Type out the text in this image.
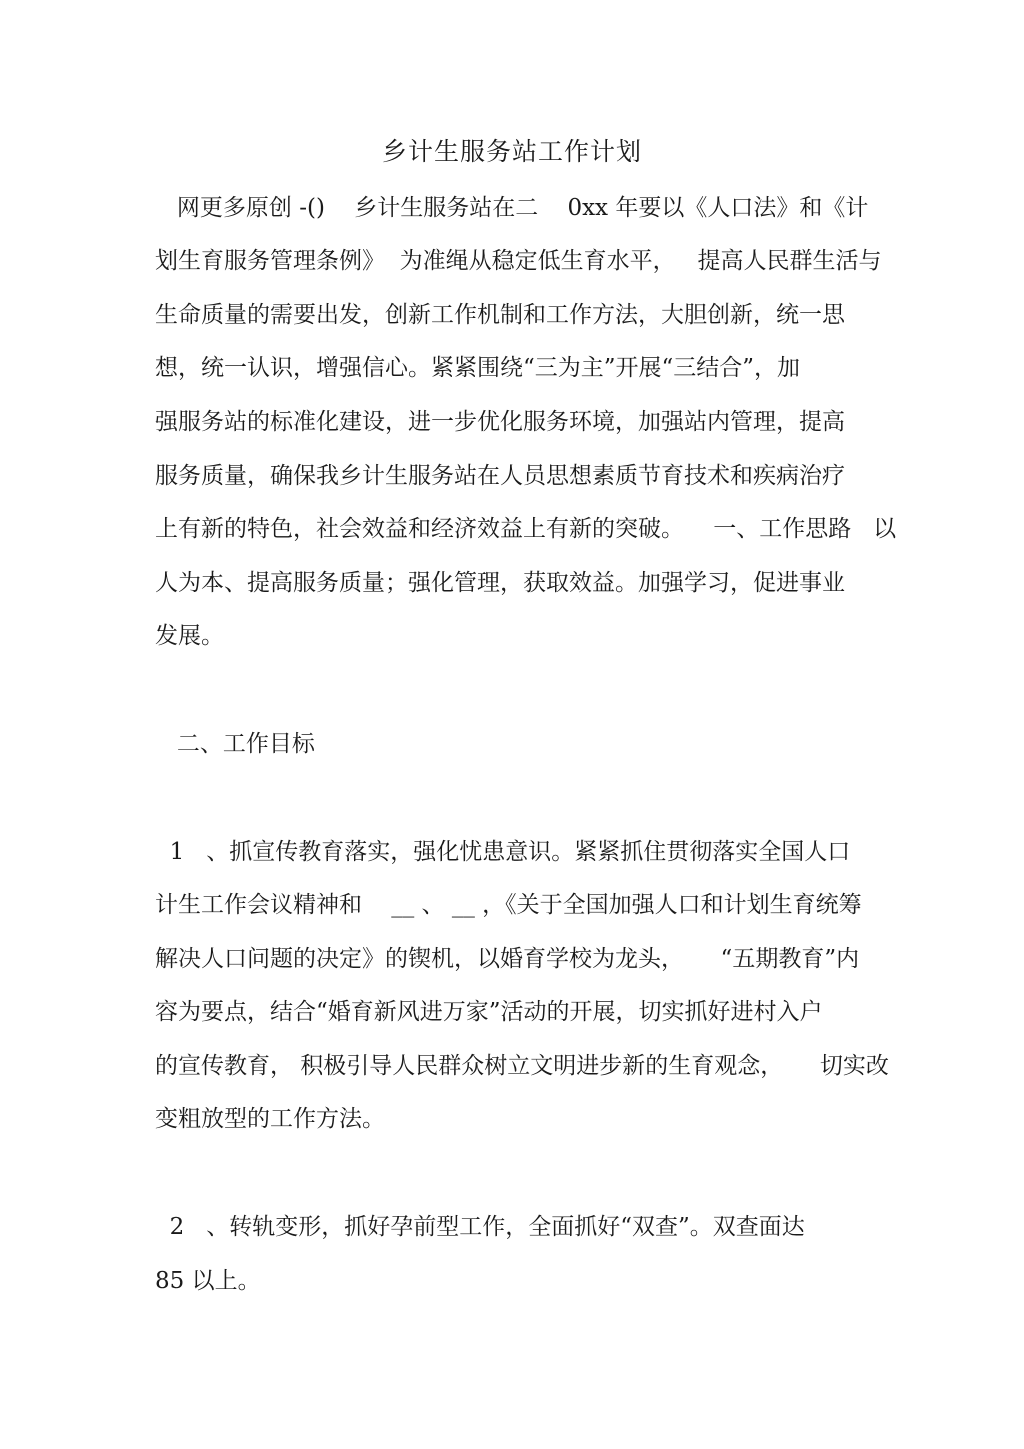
乡计生服务站工作计划
网更多原创 -()    乡计生服务站在二    0xx 年要以《人口法》和《计
划生育服务管理条例》  为准绳从稳定低生育水平，   提高人民群生活与
生命质量的需要出发，创新工作机制和工作方法，大胆创新，统一思
想，统一认识，增强信心。紧紧围绕“三为主”开展“三结合”，加
强服务站的标准化建设，进一步优化服务环境，加强站内管理，提高
服务质量，确保我乡计生服务站在人员思想素质节育技术和疾病治疗
上有新的特色，社会效益和经济效益上有新的突破。    一、工作思路   以
人为本、提高服务质量；强化管理，获取效益。加强学习，促进事业
发展。
二、工作目标
1   、抓宣传教育落实，强化忧患意识。紧紧抓住贯彻落实全国人口
计生工作会议精神和    __ 、 __ ，《关于全国加强人口和计划生育统筹
解决人口问题的决定》的锲机，以婚育学校为龙头，     “五期教育”内
容为要点，结合“婚育新风进万家”活动的开展，切实抓好进村入户
的宣传教育， 积极引导人民群众树立文明进步新的生育观念，     切实改
变粗放型的工作方法。
2   、转轨变形，抓好孕前型工作，全面抓好“双查”。双查面达
85 以上。
